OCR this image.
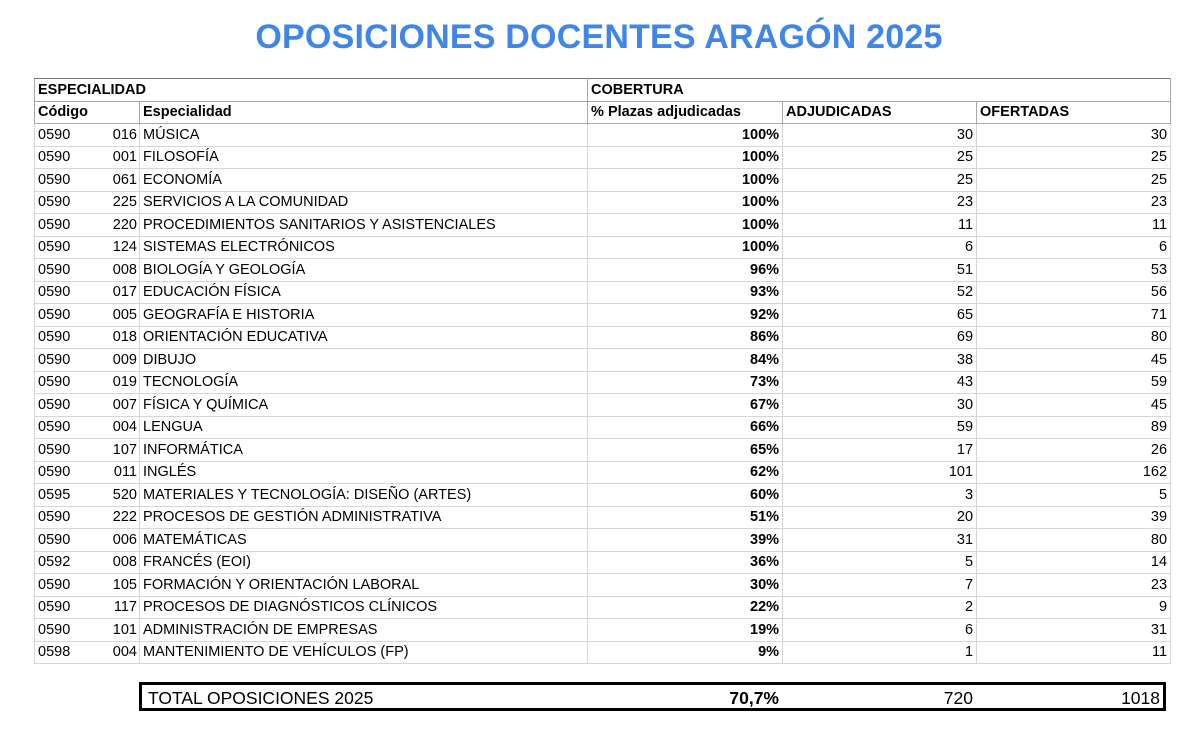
OPOSICIONES DOCENTES ARAGÓN 2025
ESPECIALIDAD			COBERTURA		
Código		Especialidad	% Plazas adjudicadas	ADJUDICADAS	OFERTADAS
0590	016	MÚSICA	100%	30	30
0590	001	FILOSOFÍA	100%	25	25
0590	061	ECONOMÍA	100%	25	25
0590	225	SERVICIOS A LA COMUNIDAD	100%	23	23
0590	220	PROCEDIMIENTOS SANITARIOS Y ASISTENCIALES	100%	11	11
0590	124	SISTEMAS ELECTRÓNICOS	100%	6	6
0590	008	BIOLOGÍA Y GEOLOGÍA	96%	51	53
0590	017	EDUCACIÓN FÍSICA	93%	52	56
0590	005	GEOGRAFÍA E HISTORIA	92%	65	71
0590	018	ORIENTACIÓN EDUCATIVA	86%	69	80
0590	009	DIBUJO	84%	38	45
0590	019	TECNOLOGÍA	73%	43	59
0590	007	FÍSICA Y QUÍMICA	67%	30	45
0590	004	LENGUA	66%	59	89
0590	107	INFORMÁTICA	65%	17	26
0590	011	INGLÉS	62%	101	162
0595	520	MATERIALES Y TECNOLOGÍA: DISEÑO (ARTES)	60%	3	5
0590	222	PROCESOS DE GESTIÓN ADMINISTRATIVA	51%	20	39
0590	006	MATEMÁTICAS	39%	31	80
0592	008	FRANCÉS (EOI)	36%	5	14
0590	105	FORMACIÓN Y ORIENTACIÓN LABORAL	30%	7	23
0590	117	PROCESOS DE DIAGNÓSTICOS CLÍNICOS	22%	2	9
0590	101	ADMINISTRACIÓN DE EMPRESAS	19%	6	31
0598	004	MANTENIMIENTO DE VEHÍCULOS (FP)	9%	1	11
TOTAL OPOSICIONES 2025	70,7%	720	1018
